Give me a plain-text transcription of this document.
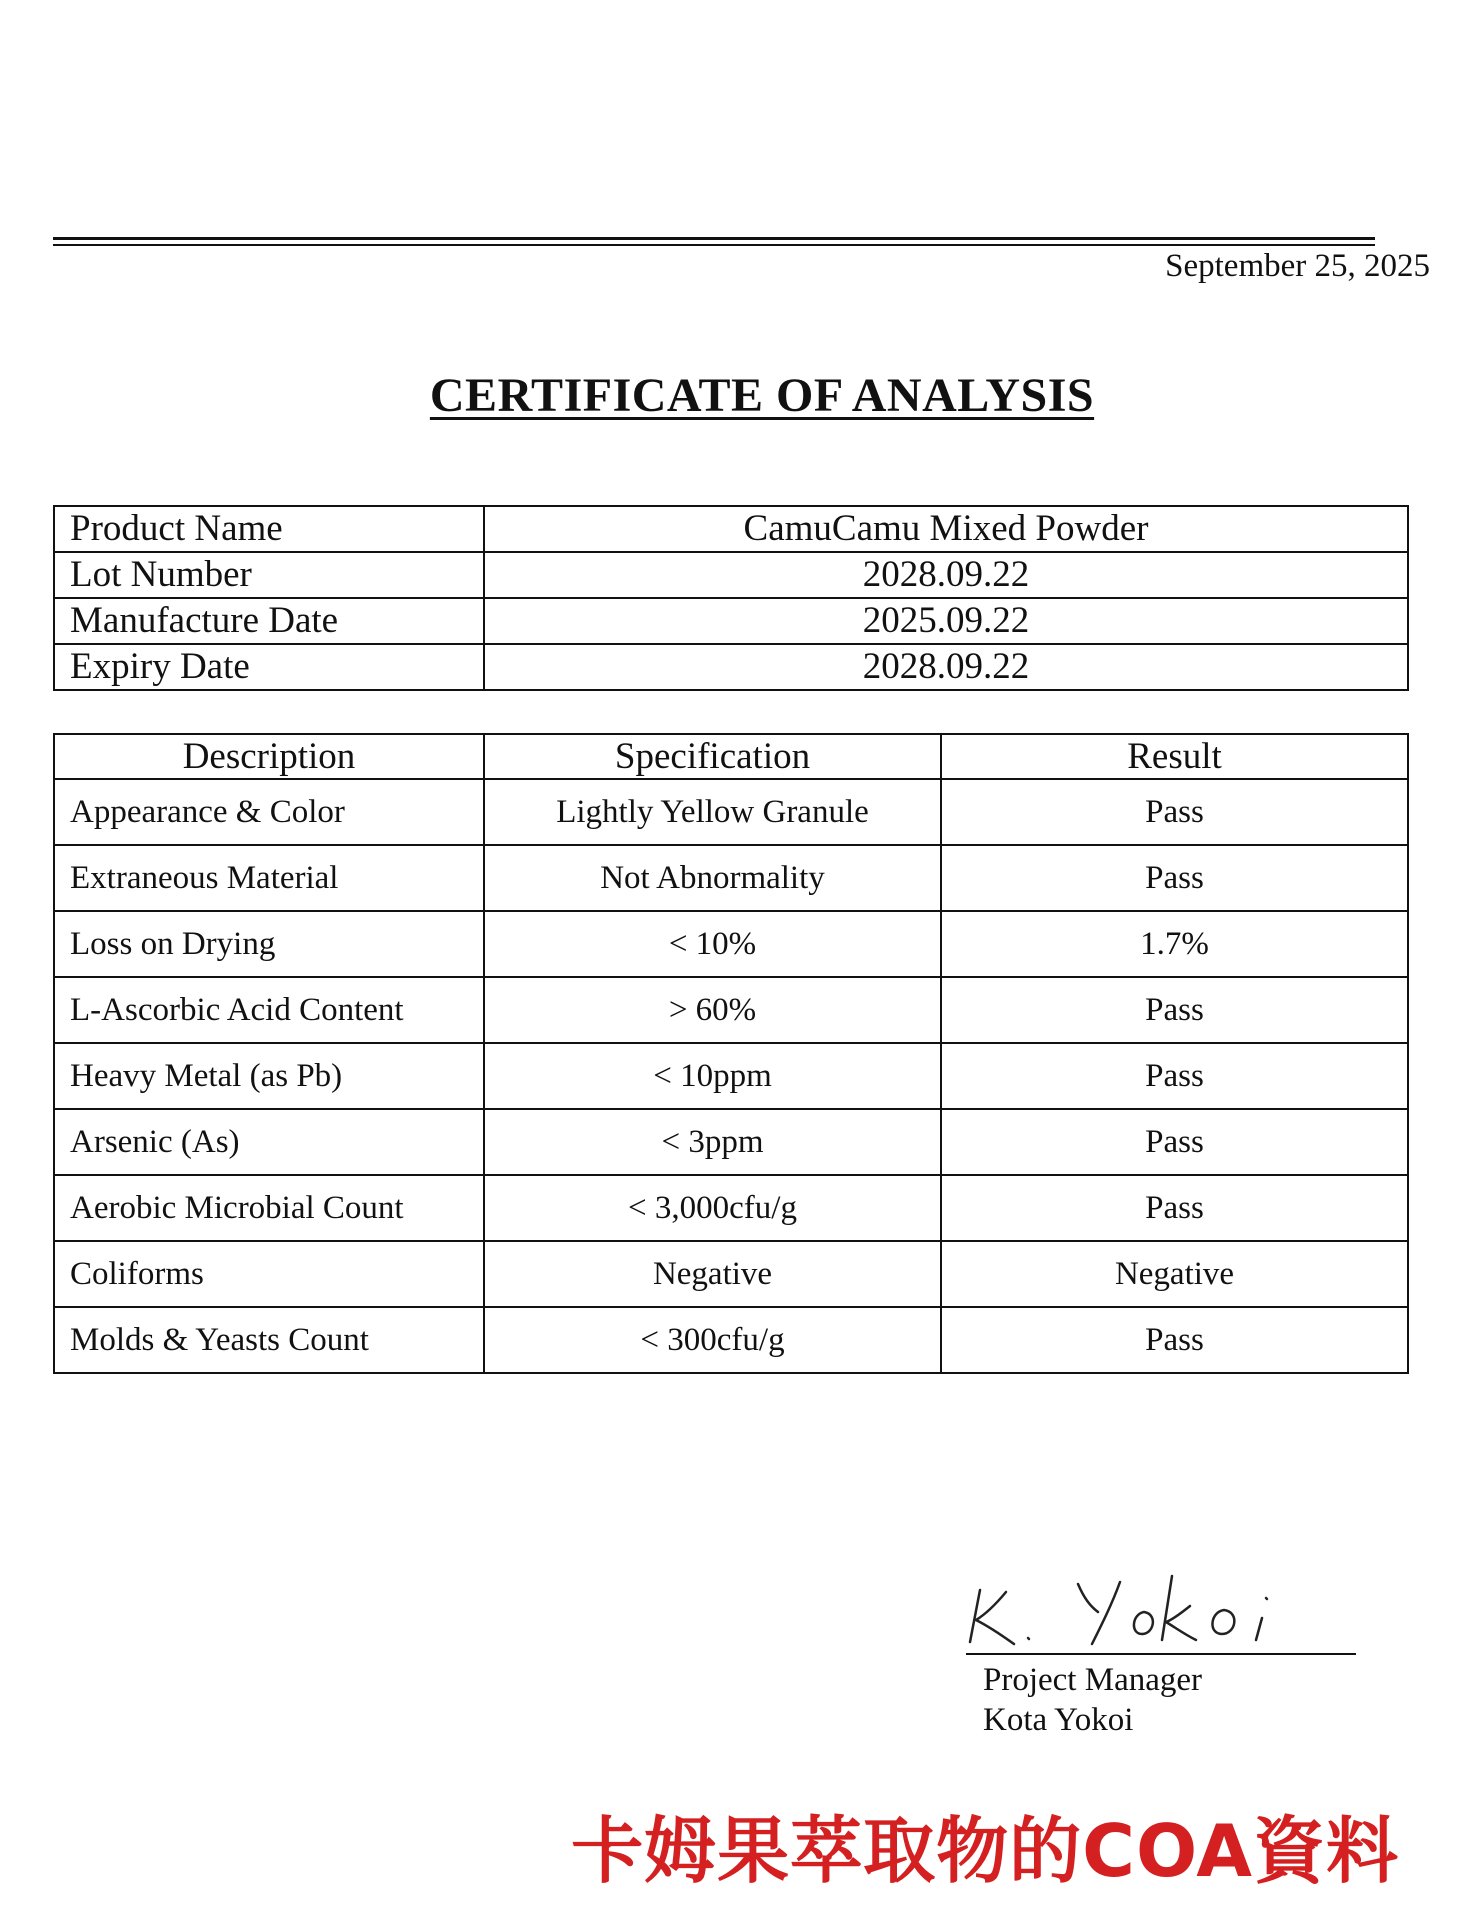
September 25, 2025
CERTIFICATE OF ANALYSIS
Product Name	CamuCamu Mixed Powder
Lot Number	2028.09.22
Manufacture Date	2025.09.22
Expiry Date	2028.09.22
Description	Specification	Result
Appearance & Color	Lightly Yellow Granule	Pass
Extraneous Material	Not Abnormality	Pass
Loss on Drying	< 10%	1.7%
L-Ascorbic Acid Content	> 60%	Pass
Heavy Metal (as Pb)	< 10ppm	Pass
Arsenic (As)	< 3ppm	Pass
Aerobic Microbial Count	< 3,000cfu/g	Pass
Coliforms	Negative	Negative
Molds & Yeasts Count	< 300cfu/g	Pass
Project Manager
Kota Yokoi
卡姆果萃取物的COA資料
